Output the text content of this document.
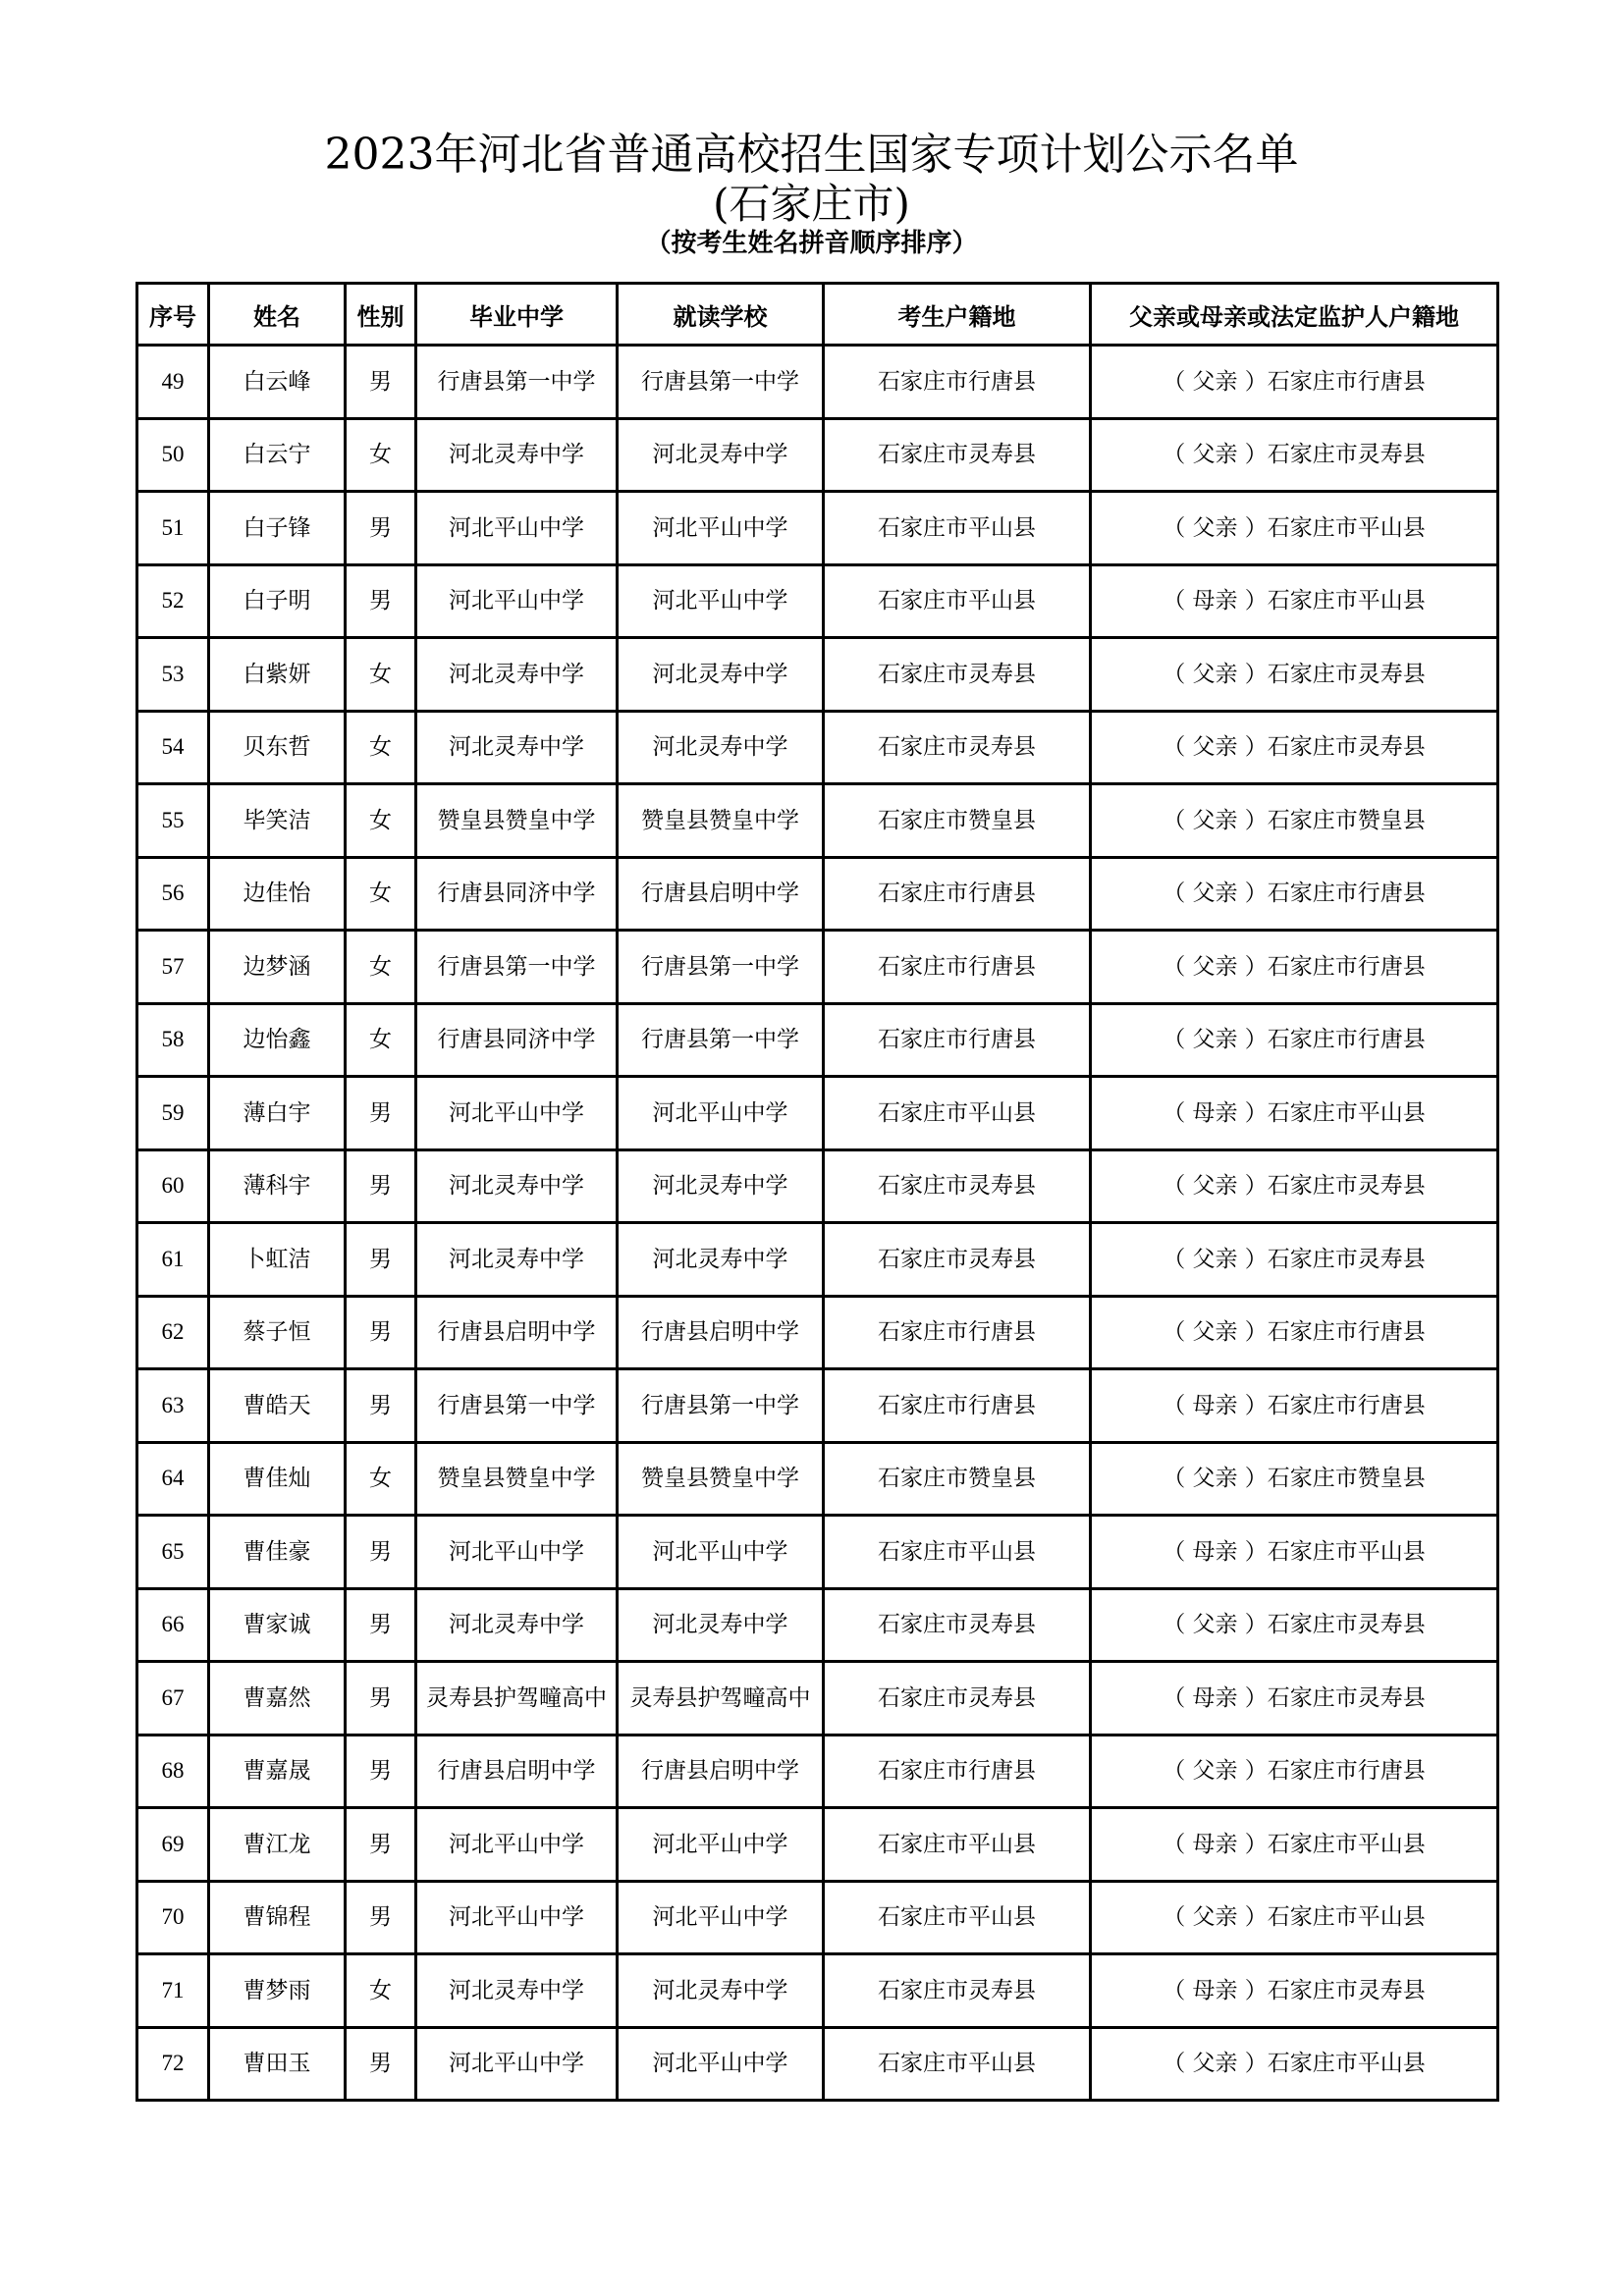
2023年河北省普通高校招生国家专项计划公示名单
(石家庄市)
（按考生姓名拼音顺序排序）
序号	姓名	性别	毕业中学	就读学校	考生户籍地	父亲或母亲或法定监护人户籍地
49	白云峰	男	行唐县第一中学	行唐县第一中学	石家庄市行唐县	（ 父亲 ）石家庄市行唐县
50	白云宁	女	河北灵寿中学	河北灵寿中学	石家庄市灵寿县	（ 父亲 ）石家庄市灵寿县
51	白子锋	男	河北平山中学	河北平山中学	石家庄市平山县	（ 父亲 ）石家庄市平山县
52	白子明	男	河北平山中学	河北平山中学	石家庄市平山县	（ 母亲 ）石家庄市平山县
53	白紫妍	女	河北灵寿中学	河北灵寿中学	石家庄市灵寿县	（ 父亲 ）石家庄市灵寿县
54	贝东哲	女	河北灵寿中学	河北灵寿中学	石家庄市灵寿县	（ 父亲 ）石家庄市灵寿县
55	毕笑洁	女	赞皇县赞皇中学	赞皇县赞皇中学	石家庄市赞皇县	（ 父亲 ）石家庄市赞皇县
56	边佳怡	女	行唐县同济中学	行唐县启明中学	石家庄市行唐县	（ 父亲 ）石家庄市行唐县
57	边梦涵	女	行唐县第一中学	行唐县第一中学	石家庄市行唐县	（ 父亲 ）石家庄市行唐县
58	边怡鑫	女	行唐县同济中学	行唐县第一中学	石家庄市行唐县	（ 父亲 ）石家庄市行唐县
59	薄白宇	男	河北平山中学	河北平山中学	石家庄市平山县	（ 母亲 ）石家庄市平山县
60	薄科宇	男	河北灵寿中学	河北灵寿中学	石家庄市灵寿县	（ 父亲 ）石家庄市灵寿县
61	卜虹洁	男	河北灵寿中学	河北灵寿中学	石家庄市灵寿县	（ 父亲 ）石家庄市灵寿县
62	蔡子恒	男	行唐县启明中学	行唐县启明中学	石家庄市行唐县	（ 父亲 ）石家庄市行唐县
63	曹皓天	男	行唐县第一中学	行唐县第一中学	石家庄市行唐县	（ 母亲 ）石家庄市行唐县
64	曹佳灿	女	赞皇县赞皇中学	赞皇县赞皇中学	石家庄市赞皇县	（ 父亲 ）石家庄市赞皇县
65	曹佳豪	男	河北平山中学	河北平山中学	石家庄市平山县	（ 母亲 ）石家庄市平山县
66	曹家诚	男	河北灵寿中学	河北灵寿中学	石家庄市灵寿县	（ 父亲 ）石家庄市灵寿县
67	曹嘉然	男	灵寿县护驾疃高中	灵寿县护驾疃高中	石家庄市灵寿县	（ 母亲 ）石家庄市灵寿县
68	曹嘉晟	男	行唐县启明中学	行唐县启明中学	石家庄市行唐县	（ 父亲 ）石家庄市行唐县
69	曹江龙	男	河北平山中学	河北平山中学	石家庄市平山县	（ 母亲 ）石家庄市平山县
70	曹锦程	男	河北平山中学	河北平山中学	石家庄市平山县	（ 父亲 ）石家庄市平山县
71	曹梦雨	女	河北灵寿中学	河北灵寿中学	石家庄市灵寿县	（ 母亲 ）石家庄市灵寿县
72	曹田玉	男	河北平山中学	河北平山中学	石家庄市平山县	（ 父亲 ）石家庄市平山县
